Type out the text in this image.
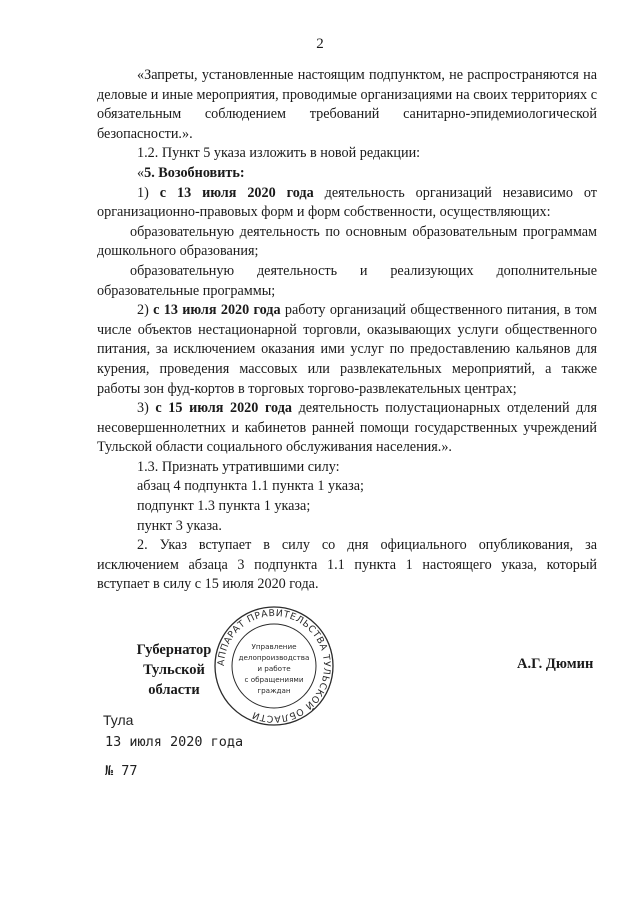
2

«Запреты, установленные настоящим подпунктом, не распространяются на деловые и иные мероприятия, проводимые организациями на своих территориях с обязательным соблюдением требований санитарно-эпидемиологической безопасности.».

1.2. Пункт 5 указа изложить в новой редакции:

«5. Возобновить:

1) с 13 июля 2020 года деятельность организаций независимо от организационно-правовых форм и форм собственности, осуществляющих:

образовательную деятельность по основным образовательным программам дошкольного образования;

образовательную деятельность и реализующих дополнительные образовательные программы;

2) с 13 июля 2020 года работу организаций общественного питания, в том числе объектов нестационарной торговли, оказывающих услуги общественного питания, за исключением оказания ими услуг по предоставлению кальянов для курения, проведения массовых или развлекательных мероприятий, а также работы зон фуд-кортов в торговых торгово-развлекательных центрах;

3) с 15 июля 2020 года деятельность полустационарных отделений для несовершеннолетних и кабинетов ранней помощи государственных учреждений Тульской области социального обслуживания населения.».

1.3. Признать утратившими силу:

абзац 4 подпункта 1.1 пункта 1 указа;

подпункт 1.3 пункта 1 указа;

пункт 3 указа.

2. Указ вступает в силу со дня официального опубликования, за исключением абзаца 3 подпункта 1.1 пункта 1 настоящего указа, который вступает в силу с 15 июля 2020 года.

Губернатор
Тульской области
АППАРАТ ПРАВИТЕЛЬСТВА ТУЛЬСКОЙ ОБЛАСТИ
Управление
делопроизводства
и работе
с обращениями
граждан
А.Г. Дюмин
Тула
13 июля 2020 года
№ 77
